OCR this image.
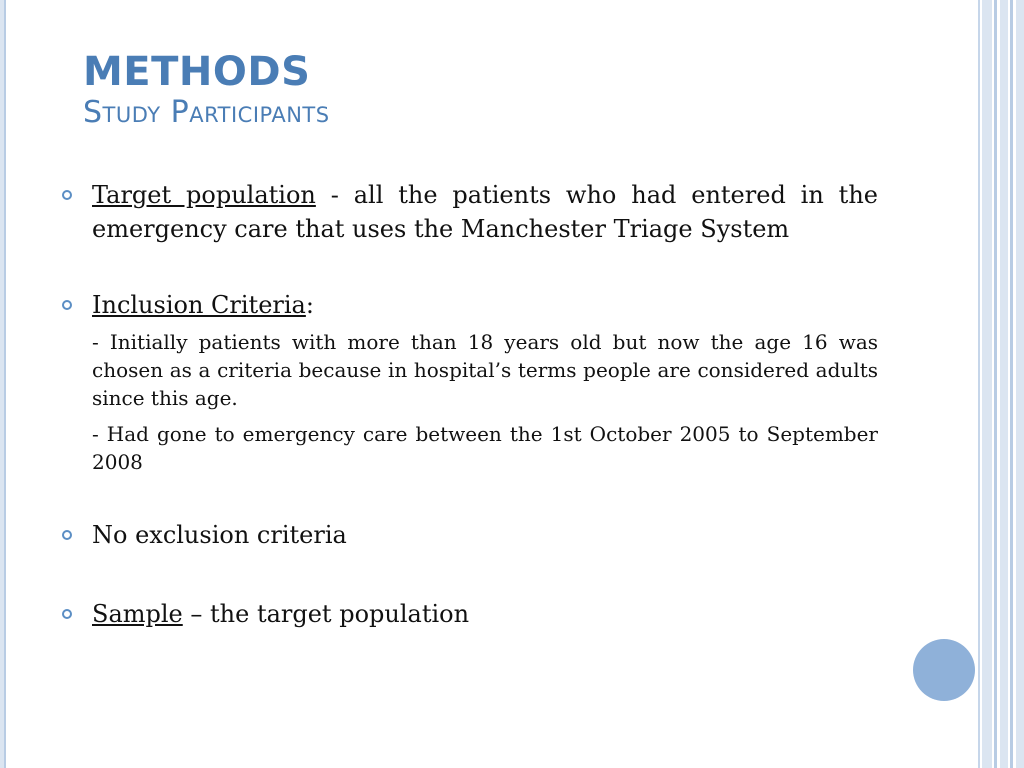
METHODS
Study Participants
Target population - all the patients who had entered in the emergency care that uses the Manchester Triage System
Inclusion Criteria:
- Initially patients with more than 18 years old but now the age 16 was chosen as a criteria because in hospital’s terms people are considered adults since this age.
- Had gone to emergency care between the 1st October 2005 to September 2008
No exclusion criteria
Sample – the target population
